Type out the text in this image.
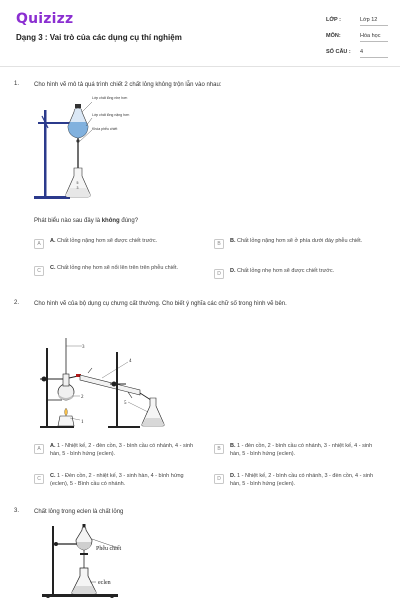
Quizizz
Dạng 3 : Vai trò của các dụng cụ thí nghiệm
LỚP :	Lớp 12
MÔN:	Hóa học
SỐ CÂU : 4
1. Cho hình vẽ mô tả quá trình chiết 2 chất lỏng không trộn lẫn vào nhau:
5
3
Lớp chất lỏng nhẹ hơn
Lớp chất lỏng nặng hơn
Khóa phễu chiết
Phát biểu nào sau đây là không đúng?
A	A. Chất lỏng nặng hơn sẽ được chiết trước.	B	B. Chất lỏng nặng hơn sẽ ở phía dưới đáy phễu chiết.
C	C. Chất lỏng nhẹ hơn sẽ nổi lên trên trên phễu chiết.
D	D. Chất lỏng nhẹ hơn sẽ được chiết trước.
2. Cho hình vẽ của bộ dụng cụ chưng cất thường. Cho biết ý nghĩa các chữ số trong hình vẽ bên.
3
4
2
1
5
A	A. 1 - Nhiệt kế, 2 - đèn cồn, 3 - bình cầu có nhánh, 4 - sinh hàn, 5 - bình hứng (eclen).
B	B. 1 - đèn cồn, 2 - bình cầu có nhánh, 3 - nhiệt kế, 4 - sinh hàn, 5 - bình hứng (eclen).
C	C. 1 - Đèn cồn, 2 - nhiệt kế, 3 - sinh hàn, 4 - bình hứng (eclen), 5 - Bình cầu có nhánh.
D	D. 1 - Nhiệt kế, 2 - bình cầu có nhánh, 3 - đèn cồn, 4 - sinh hàn, 5 - bình hứng (eclen).
3. Chất lỏng trong eclen là chất lỏng
Phễu chiết
eclen
